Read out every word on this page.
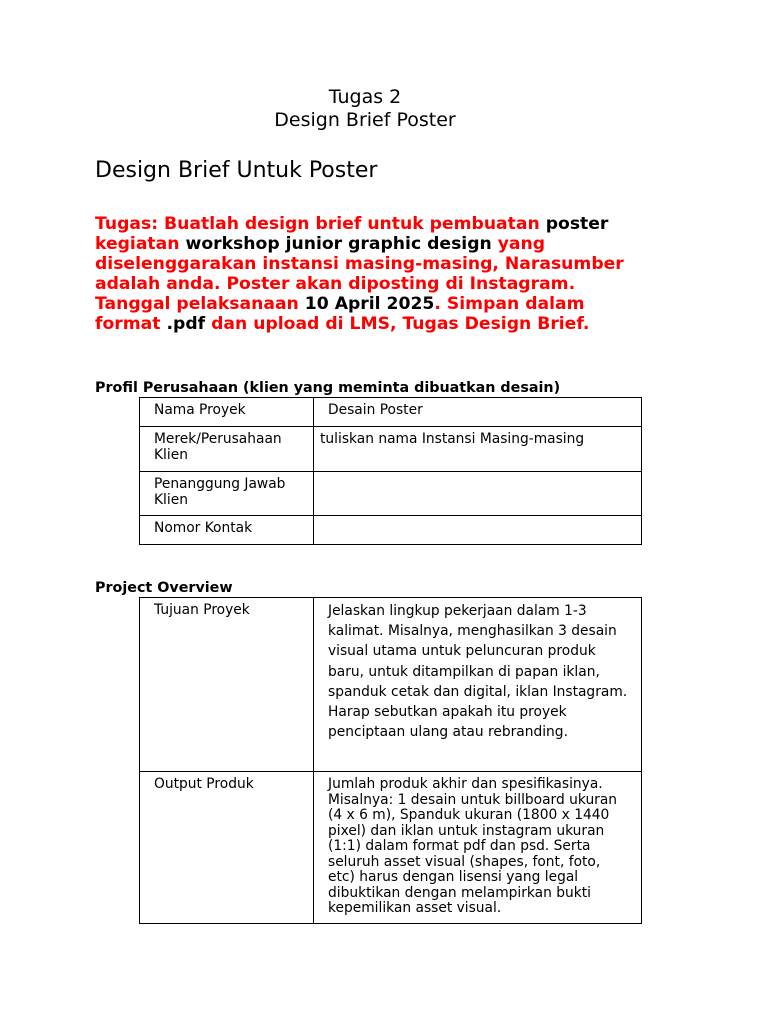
Tugas 2
Design Brief Poster
Design Brief Untuk Poster
Tugas: Buatlah design brief untuk pembuatan poster kegiatan workshop junior graphic design yang diselenggarakan instansi masing-masing, Narasumber adalah anda. Poster akan diposting di Instagram. Tanggal pelaksanaan 10 April 2025. Simpan dalam format .pdf dan upload di LMS, Tugas Design Brief.
Profil Perusahaan (klien yang meminta dibuatkan desain)
Nama Proyek	Desain Poster

Merek/Perusahaan Klien	tuliskan nama Instansi Masing-masing

Penanggung Jawab Klien	

Nomor Kontak	

Project Overview
Tujuan Proyek	Jelaskan lingkup pekerjaan dalam 1-3 kalimat. Misalnya, menghasilkan 3 desain visual utama untuk peluncuran produk baru, untuk ditampilkan di papan iklan, spanduk cetak dan digital, iklan Instagram. Harap sebutkan apakah itu proyek penciptaan ulang atau rebranding.

Output Produk	Jumlah produk akhir dan spesifikasinya. Misalnya: 1 desain untuk billboard ukuran (4 x 6 m), Spanduk ukuran (1800 x 1440 pixel) dan iklan untuk instagram ukuran (1:1) dalam format pdf dan psd. Serta seluruh asset visual (shapes, font, foto, etc) harus dengan lisensi yang legal dibuktikan dengan melampirkan bukti kepemilikan asset visual.
